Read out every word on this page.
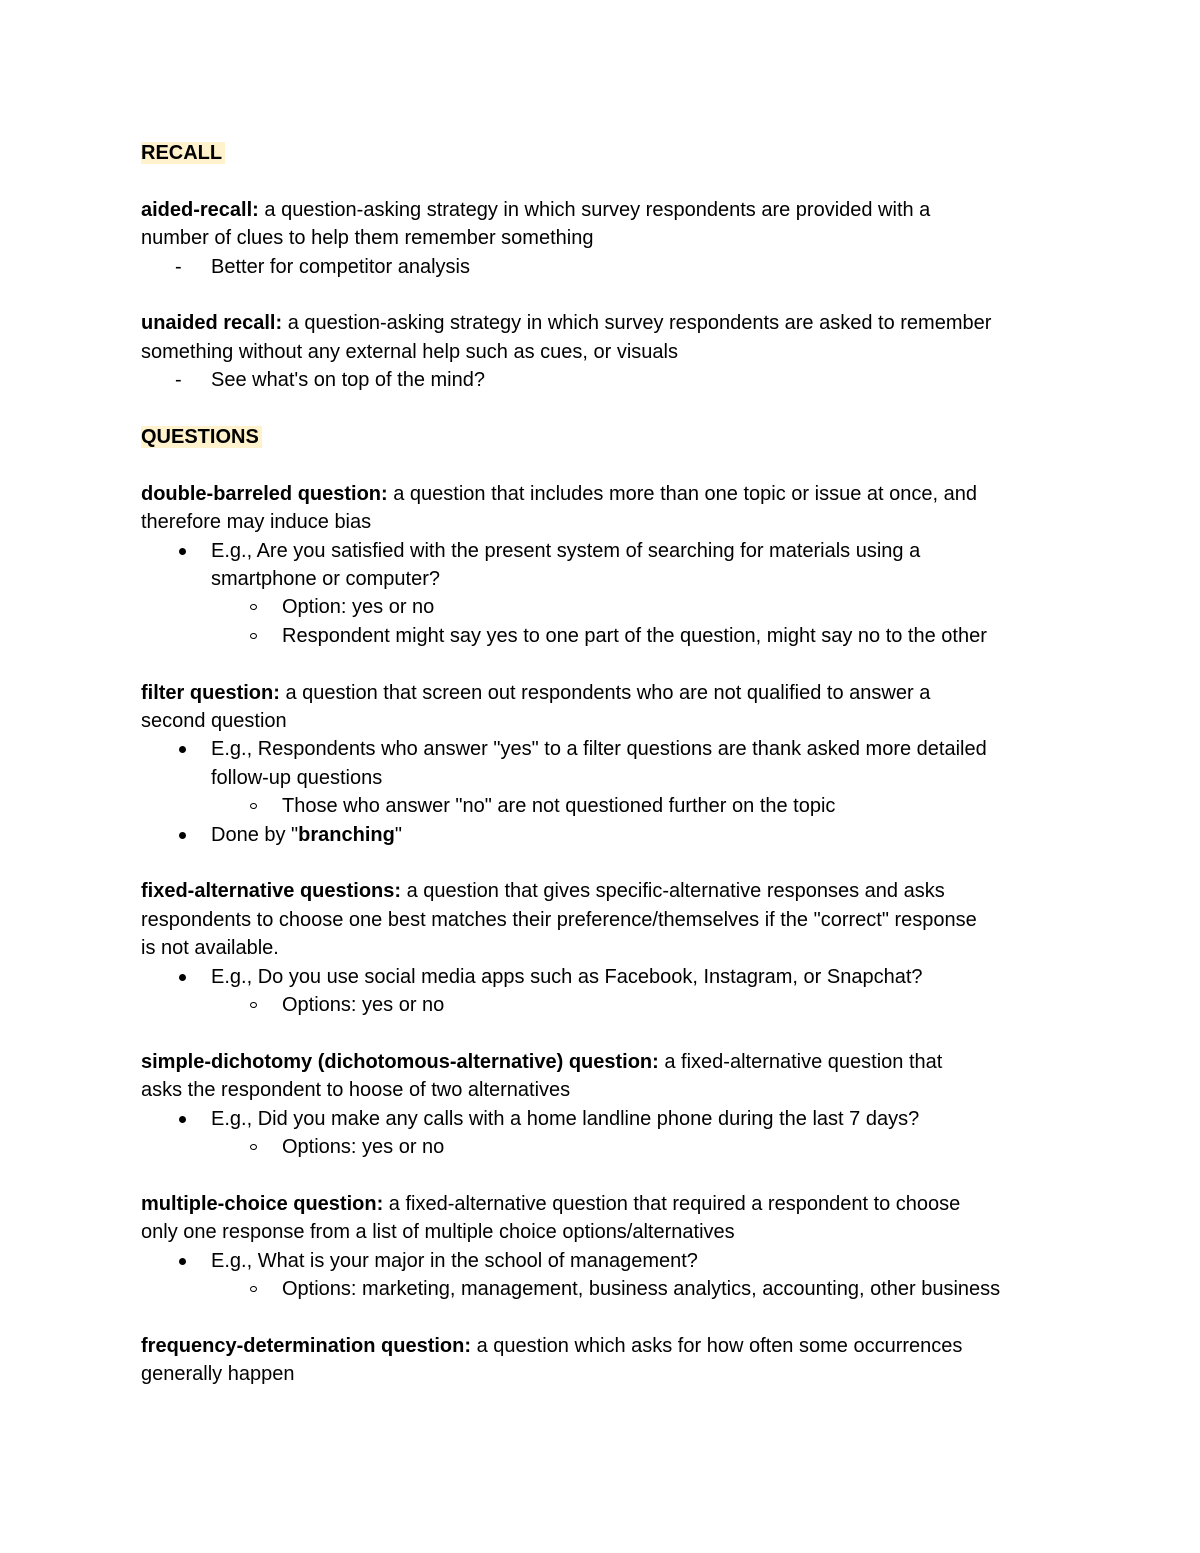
RECALL
aided-recall: a question-asking strategy in which survey respondents are provided with a
number of clues to help them remember something
- Better for competitor analysis
unaided recall: a question-asking strategy in which survey respondents are asked to remember
something without any external help such as cues, or visuals
- See what's on top of the mind?
QUESTIONS
double-barreled question: a question that includes more than one topic or issue at once, and
therefore may induce bias
E.g., Are you satisfied with the present system of searching for materials using a
smartphone or computer?
Option: yes or no
Respondent might say yes to one part of the question, might say no to the other
filter question: a question that screen out respondents who are not qualified to answer a
second question
E.g., Respondents who answer "yes" to a filter questions are thank asked more detailed
follow-up questions
Those who answer "no" are not questioned further on the topic
Done by "branching"
fixed-alternative questions: a question that gives specific-alternative responses and asks
respondents to choose one best matches their preference/themselves if the "correct" response
is not available.
E.g., Do you use social media apps such as Facebook, Instagram, or Snapchat?
Options: yes or no
simple-dichotomy (dichotomous-alternative) question: a fixed-alternative question that
asks the respondent to hoose of two alternatives
E.g., Did you make any calls with a home landline phone during the last 7 days?
Options: yes or no
multiple-choice question: a fixed-alternative question that required a respondent to choose
only one response from a list of multiple choice options/alternatives
E.g., What is your major in the school of management?
Options: marketing, management, business analytics, accounting, other business
frequency-determination question: a question which asks for how often some occurrences
generally happen
